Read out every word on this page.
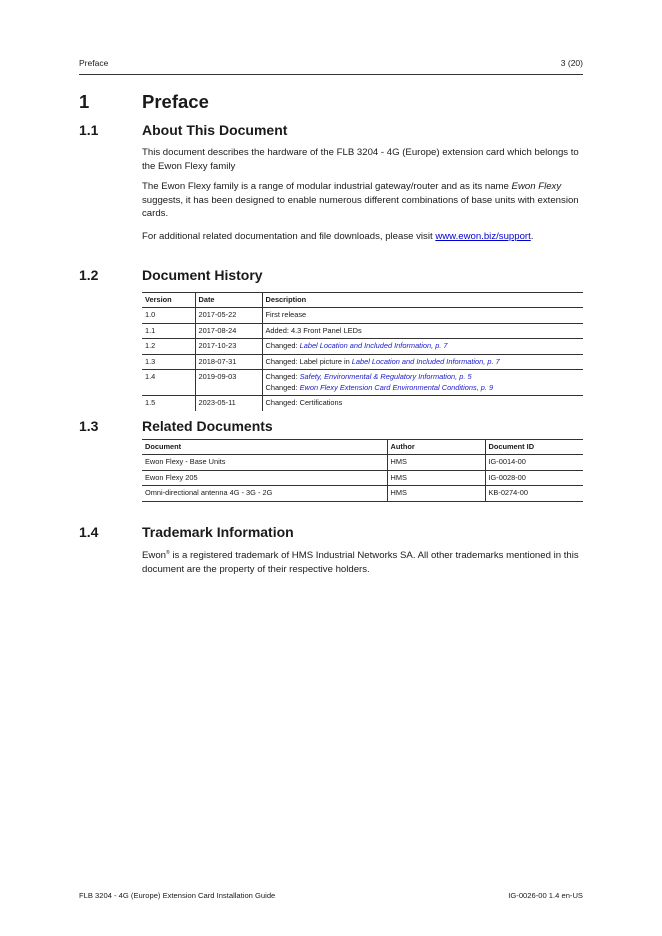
Preface	3 (20)
1	Preface
1.1	About This Document

This document describes the hardware of the FLB 3204 - 4G (Europe) extension card which belongs to the Ewon Flexy family

The Ewon Flexy family is a range of modular industrial gateway/router and as its name Ewon Flexy suggests, it has been designed to enable numerous different combinations of base units with extension cards.

For additional related documentation and file downloads, please visit www.ewon.biz/support.

1.2	Document History
Version	Date	Description
1.0	2017-05-22	First release
1.1	2017-08-24	Added: 4.3 Front Panel LEDs
1.2	2017-10-23	Changed: Label Location and Included Information, p. 7
1.3	2018-07-31	Changed: Label picture in Label Location and Included Information, p. 7
1.4	2019-09-03	Changed: Safety, Environmental & Regulatory Information, p. 5
Changed: Ewon Flexy Extension Card Environmental Conditions, p. 9
1.5	2023-05-11	Changed: Certifications
1.3	Related Documents
Document	Author	Document ID
Ewon Flexy - Base Units	HMS	IG-0014-00
Ewon Flexy 205	HMS	IG-0028-00
Omni-directional antenna 4G - 3G - 2G	HMS	KB-0274-00
1.4	Trademark Information

Ewon® is a registered trademark of HMS Industrial Networks SA. All other trademarks mentioned in this document are the property of their respective holders.

FLB 3204 - 4G (Europe) Extension Card Installation Guide	IG-0026-00 1.4 en-US
